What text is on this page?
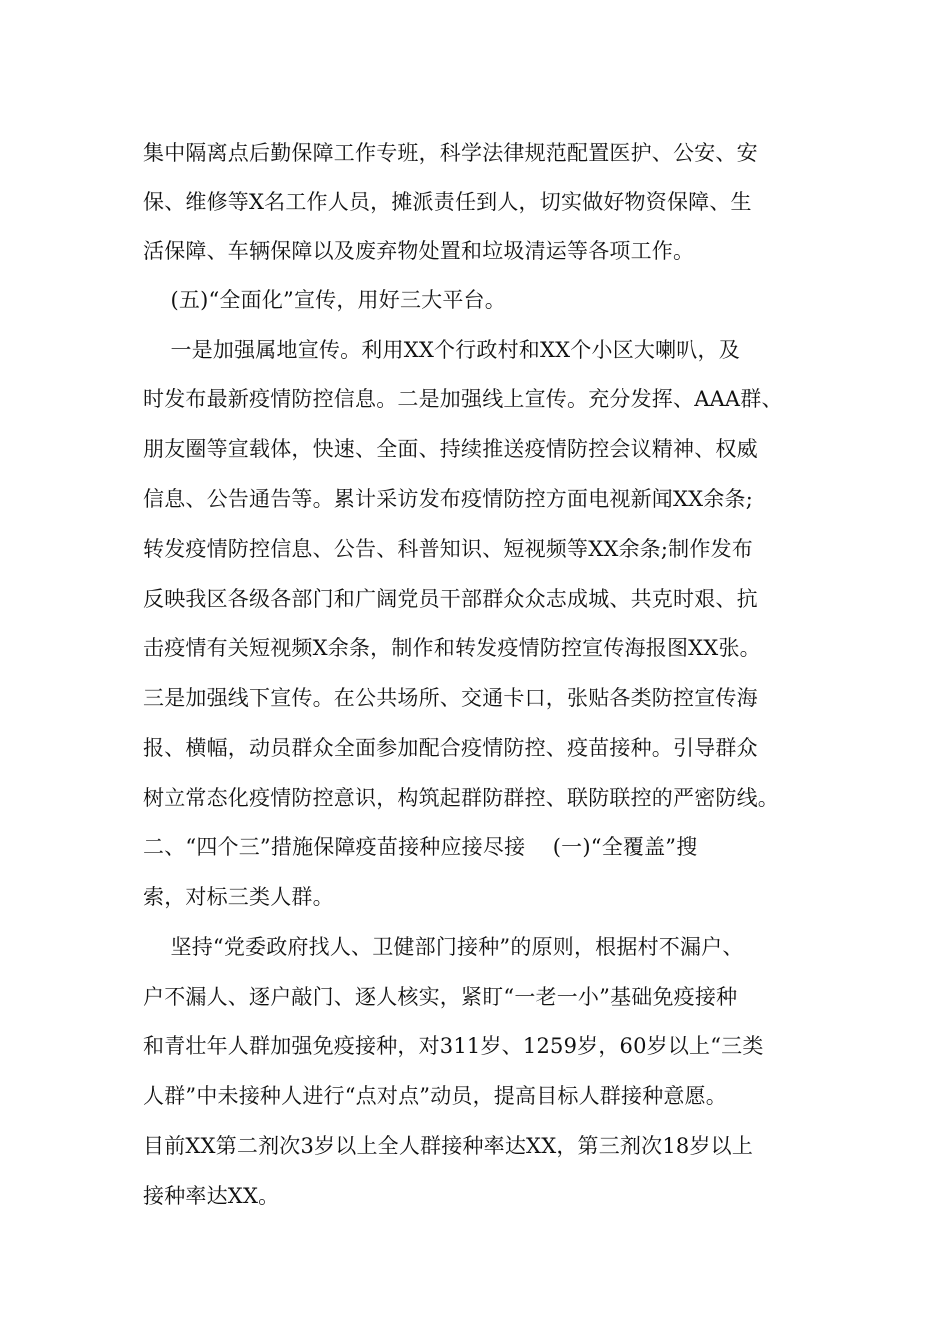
集中隔离点后勤保障工作专班，科学法律规范配置医护、公安、安
保、维修等X名工作人员，摊派责任到人，切实做好物资保障、生
活保障、车辆保障以及废弃物处置和垃圾清运等各项工作。
(五)“全面化”宣传，用好三大平台。
一是加强属地宣传。利用XX个行政村和XX个小区大喇叭，及
时发布最新疫情防控信息。二是加强线上宣传。充分发挥、AAA群、
朋友圈等宣载体，快速、全面、持续推送疫情防控会议精神、权威
信息、公告通告等。累计采访发布疫情防控方面电视新闻XX余条;
转发疫情防控信息、公告、科普知识、短视频等XX余条;制作发布
反映我区各级各部门和广阔党员干部群众众志成城、共克时艰、抗
击疫情有关短视频X余条，制作和转发疫情防控宣传海报图XX张。
三是加强线下宣传。在公共场所、交通卡口，张贴各类防控宣传海
报、横幅，动员群众全面参加配合疫情防控、疫苗接种。引导群众
树立常态化疫情防控意识，构筑起群防群控、联防联控的严密防线。
二、“四个三”措施保障疫苗接种应接尽接    (一)“全覆盖”搜
索，对标三类人群。
坚持“党委政府找人、卫健部门接种”的原则，根据村不漏户、
户不漏人、逐户敲门、逐人核实，紧盯“一老一小”基础免疫接种
和青壮年人群加强免疫接种，对311岁、1259岁，60岁以上“三类
人群”中未接种人进行“点对点”动员，提高目标人群接种意愿。
目前XX第二剂次3岁以上全人群接种率达XX，第三剂次18岁以上
接种率达XX。
